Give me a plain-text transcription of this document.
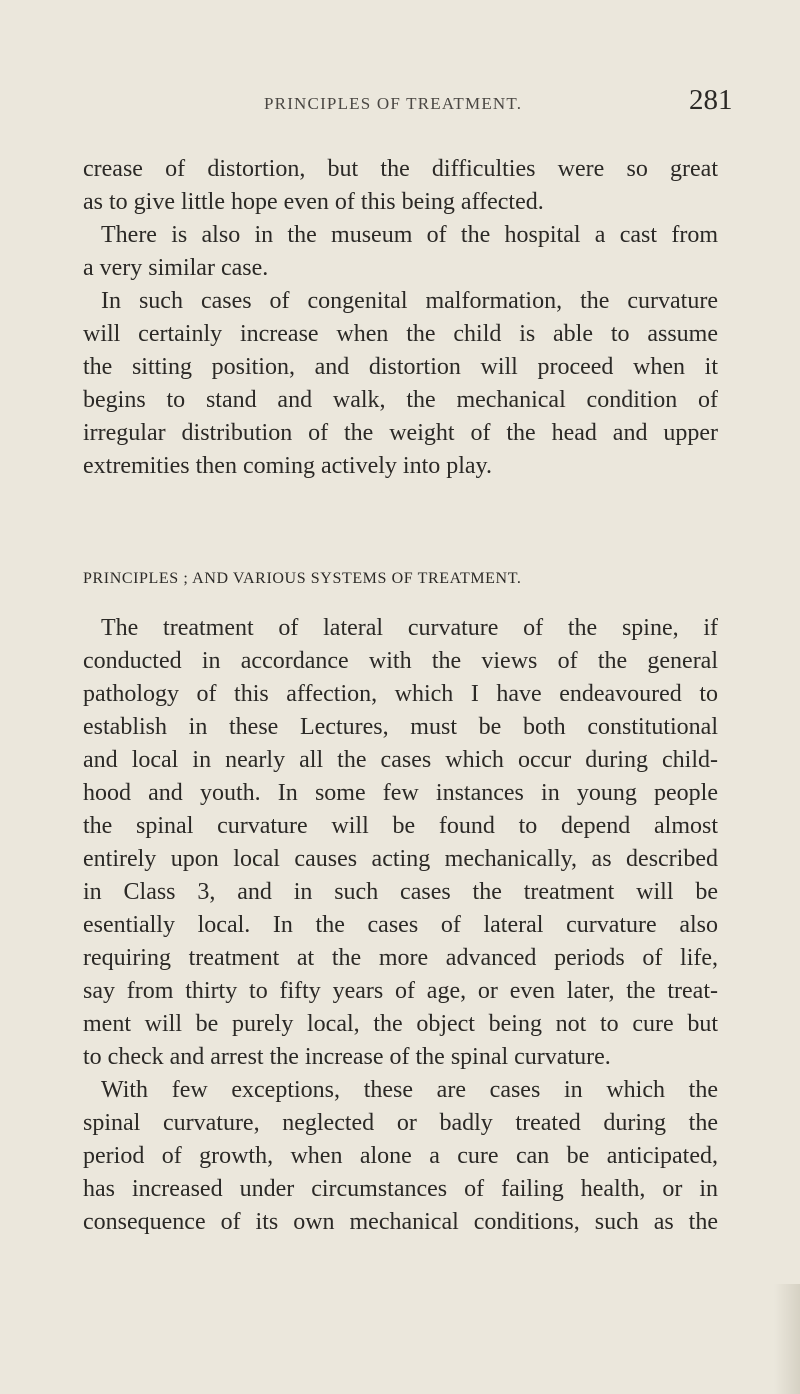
PRINCIPLES OF TREATMENT.	281
crease of distortion, but the difficulties were so great
as to give little hope even of this being affected.
There is also in the museum of the hospital a cast from
a very similar case.
In such cases of congenital malformation, the curvature
will certainly increase when the child is able to assume
the sitting position, and distortion will proceed when it
begins to stand and walk, the mechanical condition of
irregular distribution of the weight of the head and upper
extremities then coming actively into play.
PRINCIPLES ; AND VARIOUS SYSTEMS OF TREATMENT.
The treatment of lateral curvature of the spine, if
conducted in accordance with the views of the general
pathology of this affection, which I have endeavoured to
establish in these Lectures, must be both constitutional
and local in nearly all the cases which occur during child-
hood and youth. In some few instances in young people
the spinal curvature will be found to depend almost
entirely upon local causes acting mechanically, as described
in Class 3, and in such cases the treatment will be
esentially local. In the cases of lateral curvature also
requiring treatment at the more advanced periods of life,
say from thirty to fifty years of age, or even later, the treat-
ment will be purely local, the object being not to cure but
to check and arrest the increase of the spinal curvature.
With few exceptions, these are cases in which the
spinal curvature, neglected or badly treated during the
period of growth, when alone a cure can be anticipated,
has increased under circumstances of failing health, or in
consequence of its own mechanical conditions, such as the
